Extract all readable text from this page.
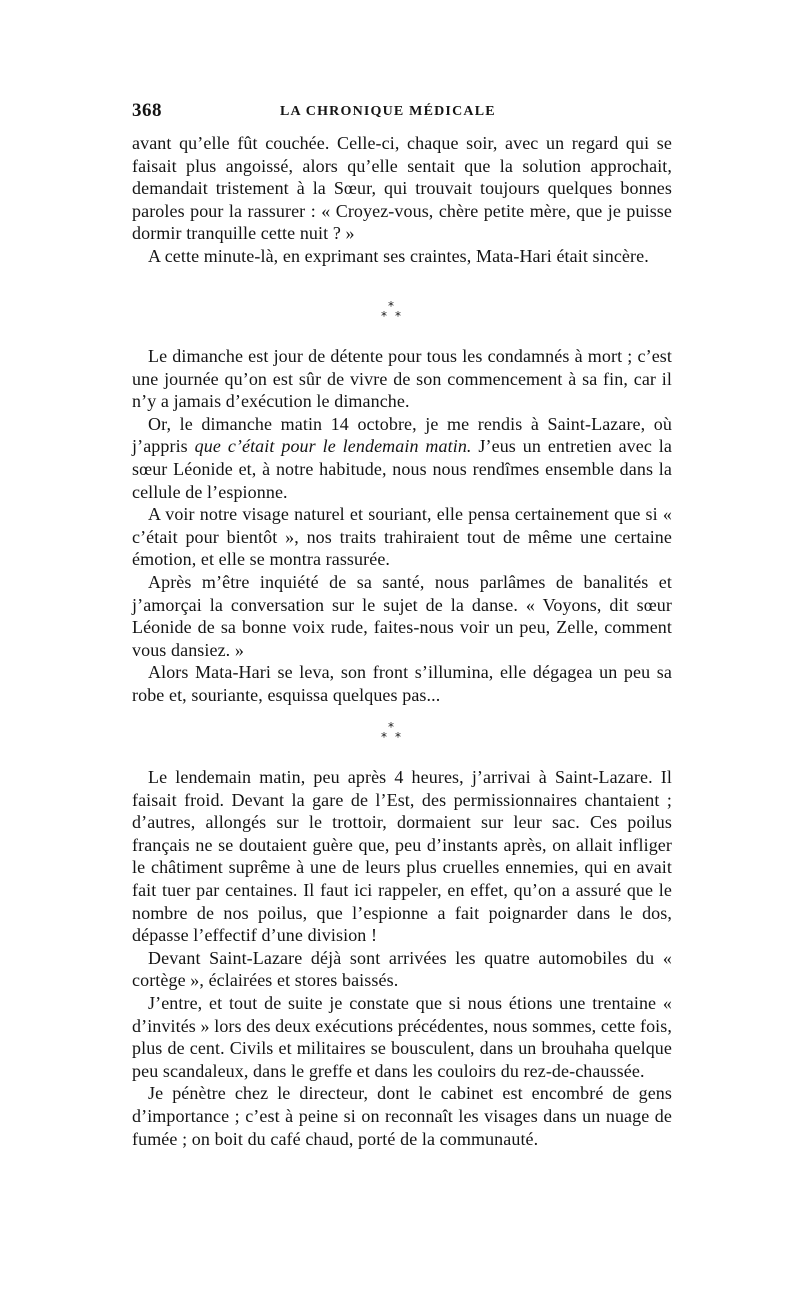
368	LA CHRONIQUE MÉDICALE

avant qu’elle fût couchée. Celle-ci, chaque soir, avec un regard qui se faisait plus angoissé, alors qu’elle sentait que la solution approchait, demandait tristement à la Sœur, qui trouvait toujours quelques bonnes paroles pour la rassurer : « Croyez-vous, chère petite mère, que je puisse dormir tranquille cette nuit ? »

A cette minute-là, en exprimant ses craintes, Mata-Hari était sincère.

*
* *

Le dimanche est jour de détente pour tous les condamnés à mort ; c’est une journée qu’on est sûr de vivre de son commencement à sa fin, car il n’y a jamais d’exécution le dimanche.

Or, le dimanche matin 14 octobre, je me rendis à Saint-Lazare, où j’appris que c’était pour le lendemain matin. J’eus un entretien avec la sœur Léonide et, à notre habitude, nous nous rendîmes ensemble dans la cellule de l’espionne.

A voir notre visage naturel et souriant, elle pensa certainement que si « c’était pour bientôt », nos traits trahiraient tout de même une certaine émotion, et elle se montra rassurée.

Après m’être inquiété de sa santé, nous parlâmes de banalités et j’amorçai la conversation sur le sujet de la danse. « Voyons, dit sœur Léonide de sa bonne voix rude, faites-nous voir un peu, Zelle, comment vous dansiez. »

Alors Mata-Hari se leva, son front s’illumina, elle dégagea un peu sa robe et, souriante, esquissa quelques pas...

*
* *

Le lendemain matin, peu après 4 heures, j’arrivai à Saint-Lazare. Il faisait froid. Devant la gare de l’Est, des permissionnaires chantaient ; d’autres, allongés sur le trottoir, dormaient sur leur sac. Ces poilus français ne se doutaient guère que, peu d’instants après, on allait infliger le châtiment suprême à une de leurs plus cruelles ennemies, qui en avait fait tuer par centaines. Il faut ici rappeler, en effet, qu’on a assuré que le nombre de nos poilus, que l’espionne a fait poignarder dans le dos, dépasse l’effectif d’une division !

Devant Saint-Lazare déjà sont arrivées les quatre automobiles du « cortège », éclairées et stores baissés.

J’entre, et tout de suite je constate que si nous étions une trentaine « d’invités » lors des deux exécutions précédentes, nous sommes, cette fois, plus de cent. Civils et militaires se bousculent, dans un brouhaha quelque peu scandaleux, dans le greffe et dans les couloirs du rez-de-chaussée.

Je pénètre chez le directeur, dont le cabinet est encombré de gens d’importance ; c’est à peine si on reconnaît les visages dans un nuage de fumée ; on boit du café chaud, porté de la communauté.
